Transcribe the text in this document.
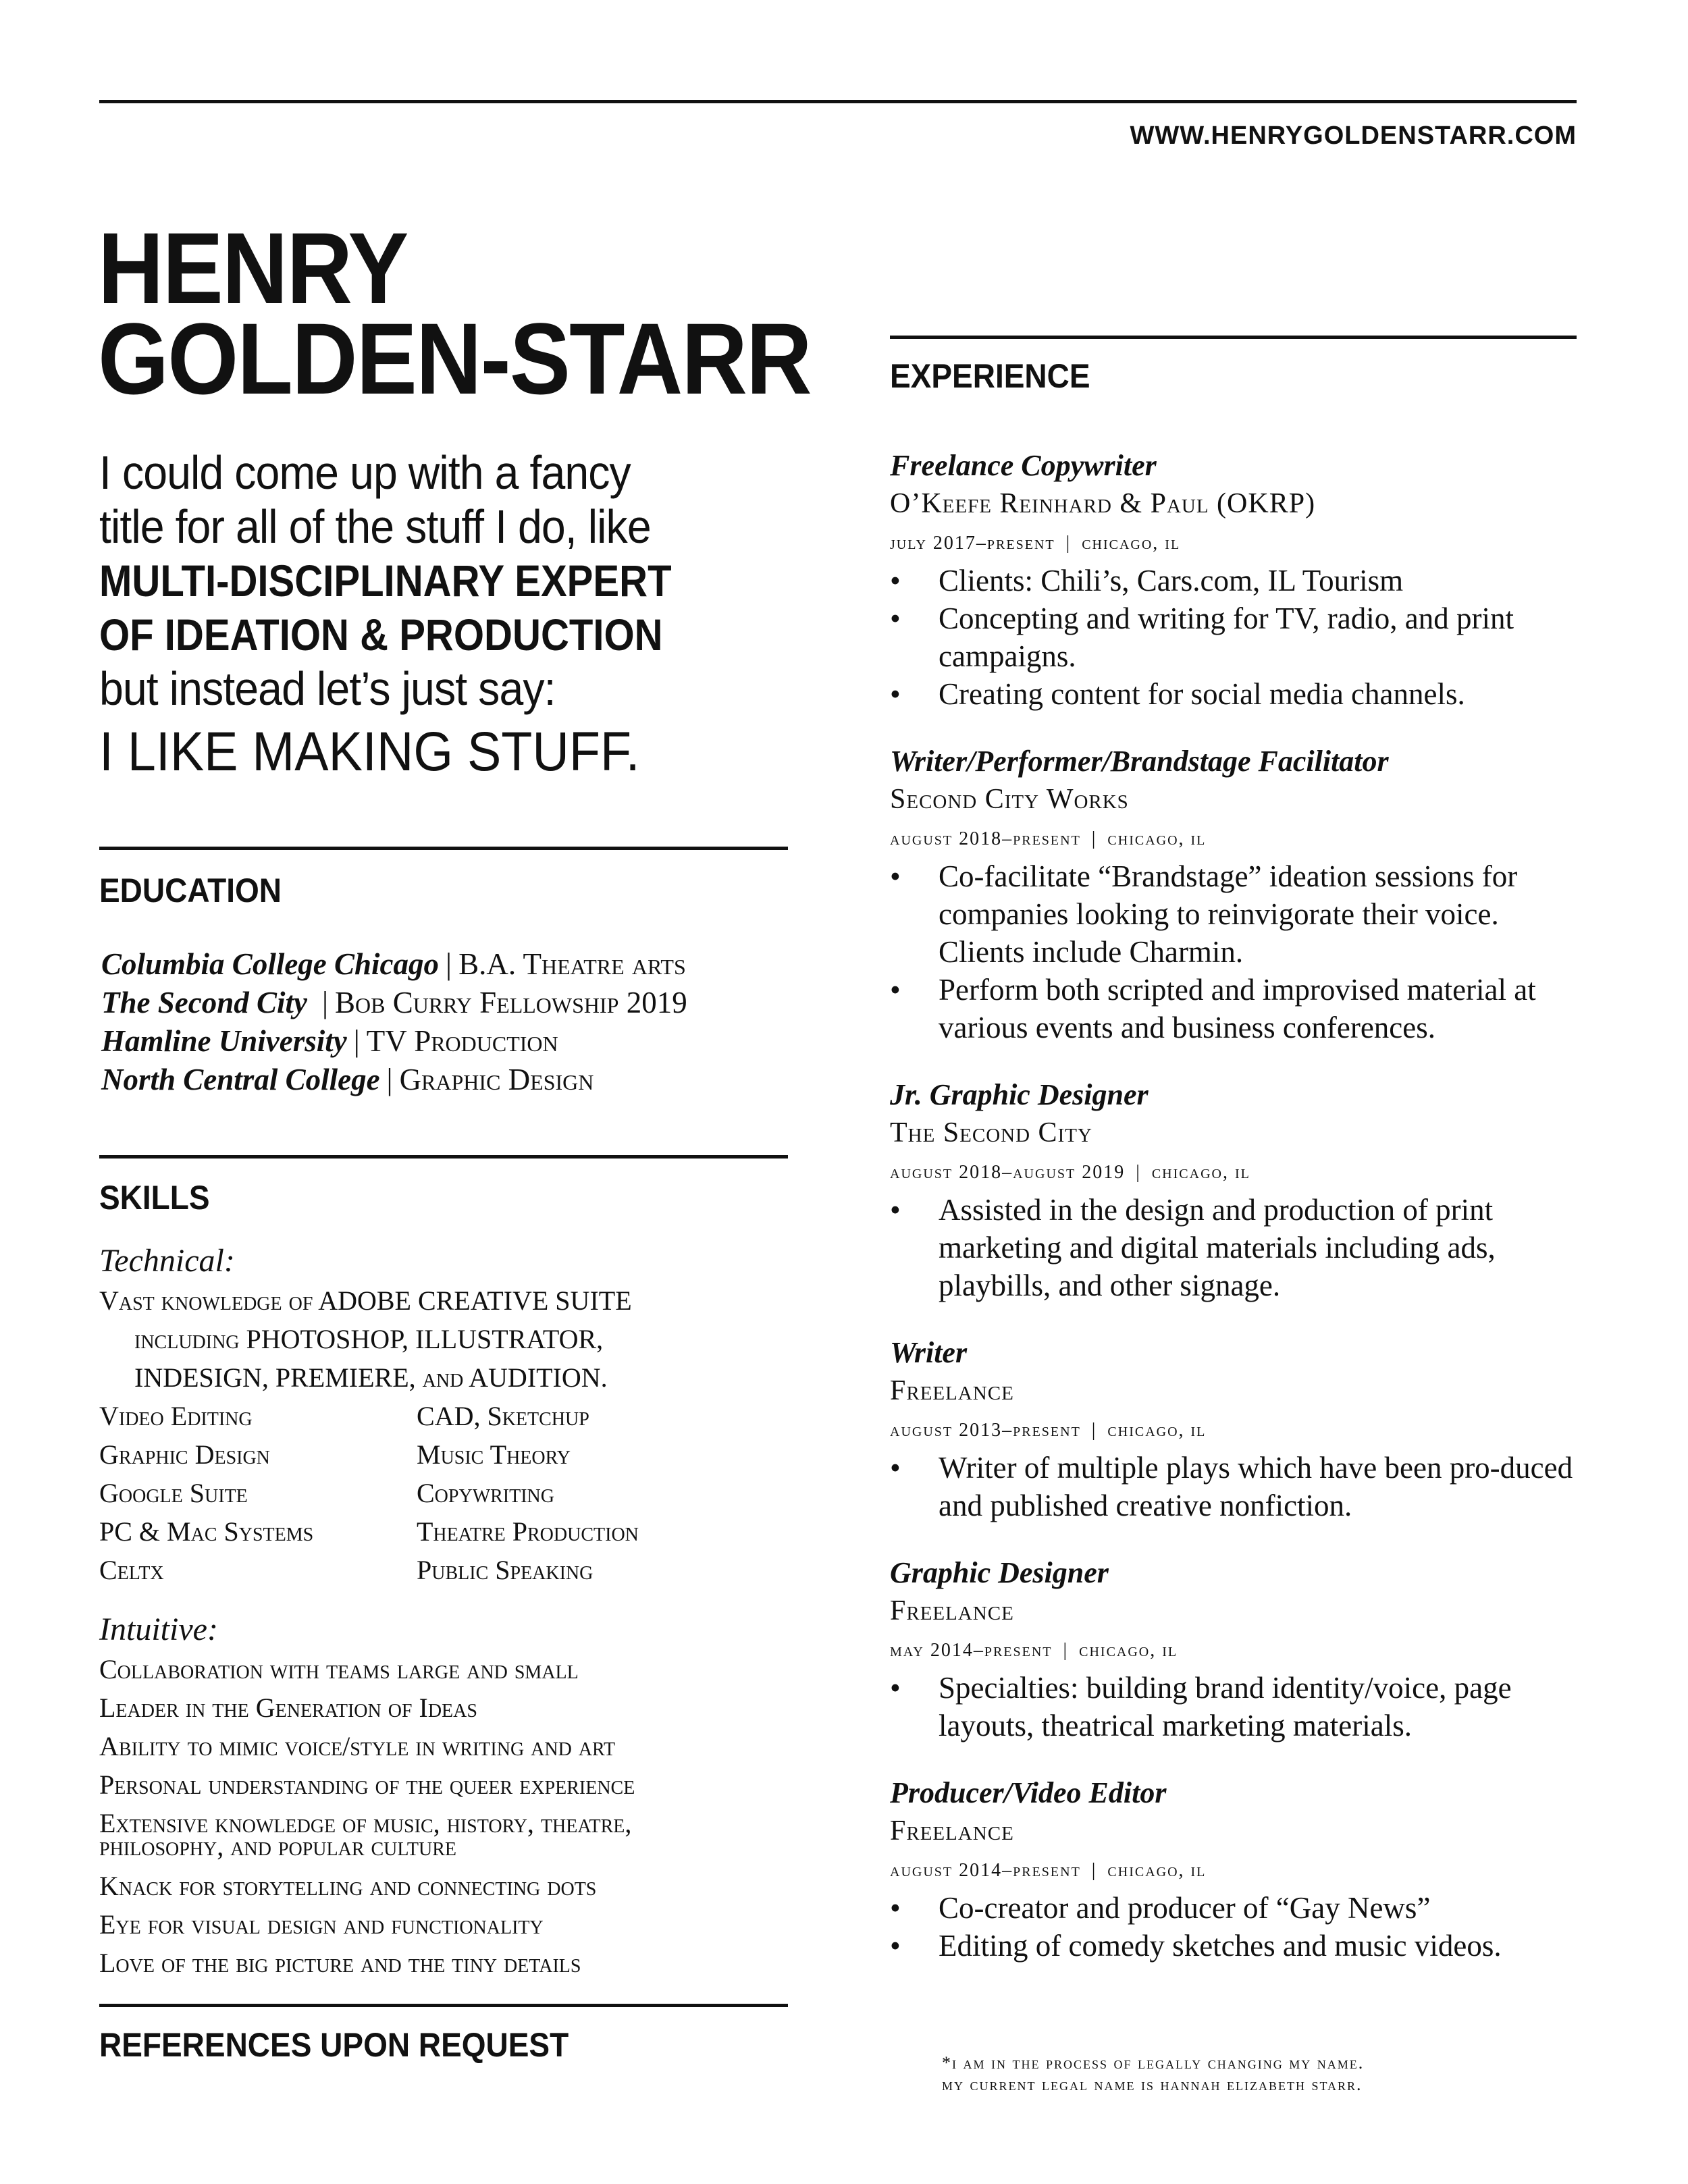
WWW.HENRYGOLDENSTARR.COM
HENRY
GOLDEN-STARR
I could come up with a fancy
title for all of the stuff I do, like
MULTI-DISCIPLINARY EXPERT
OF IDEATION & PRODUCTION
but instead let’s just say:
I LIKE MAKING STUFF.
EDUCATION
Columbia College Chicago | B.A. Theatre arts
The Second City | Bob Curry Fellowship 2019
Hamline University | TV Production
North Central College | Graphic Design
SKILLS
Technical:
Vast knowledge of ADOBE CREATIVE SUITE
including PHOTOSHOP, ILLUSTRATOR,
INDESIGN, PREMIERE, and AUDITION.
Video Editing	CAD, Sketchup
Graphic Design	Music Theory
Google Suite	Copywriting
PC & Mac Systems	Theatre Production
Celtx	Public Speaking
Intuitive:
Collaboration with teams large and small
Leader in the Generation of Ideas
Ability to mimic voice/style in writing and art
Personal understanding of the queer experience
Extensive knowledge of music, history, theatre,
philosophy, and popular culture
Knack for storytelling and connecting dots
Eye for visual design and functionality
Love of the big picture and the tiny details
REFERENCES UPON REQUEST
EXPERIENCE
Freelance Copywriter
O’Keefe Reinhard & Paul (OKRP)
july 2017–present | chicago, il
• Clients: Chili’s, Cars.com, IL Tourism
• Concepting and writing for TV, radio, and print campaigns.
• Creating content for social media channels.
Writer/Performer/Brandstage Facilitator
Second City Works
august 2018–present | chicago, il
• Co-facilitate “Brandstage” ideation sessions for companies looking to reinvigorate their voice. Clients include Charmin.
• Perform both scripted and improvised material at various events and business conferences.
Jr. Graphic Designer
The Second City
august 2018–august 2019 | chicago, il
• Assisted in the design and production of print marketing and digital materials including ads, playbills, and other signage.
Writer
Freelance
august 2013–present | chicago, il
• Writer of multiple plays which have been pro-duced and published creative nonfiction.
Graphic Designer
Freelance
may 2014–present | chicago, il
• Specialties: building brand identity/voice, page layouts, theatrical marketing materials.
Producer/Video Editor
Freelance
august 2014–present | chicago, il
• Co-creator and producer of “Gay News”
• Editing of comedy sketches and music videos.
*i am in the process of legally changing my name.
my current legal name is hannah elizabeth starr.
